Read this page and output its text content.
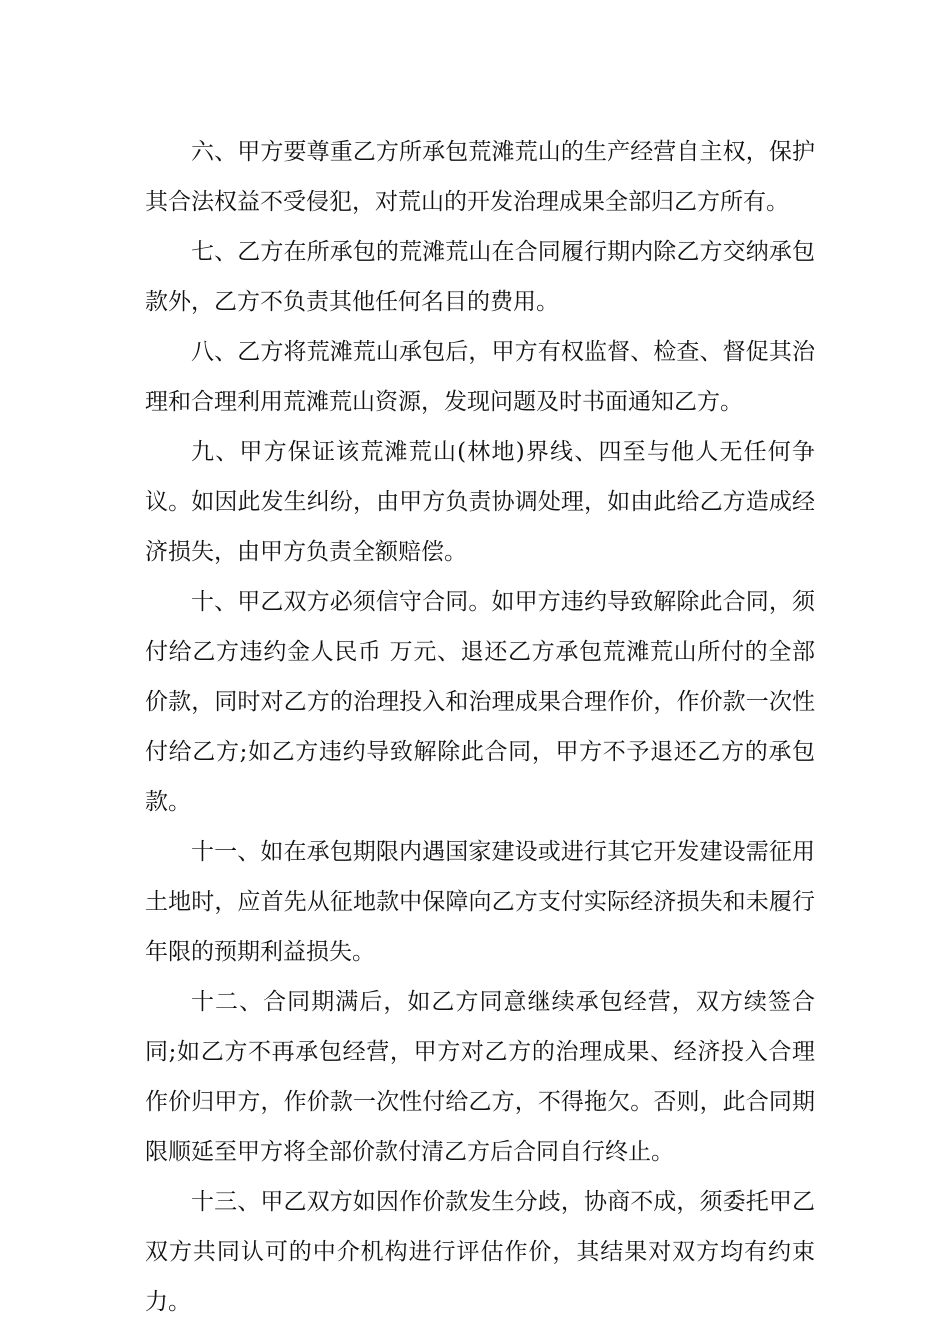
六、甲方要尊重乙方所承包荒滩荒山的生产经营自主权，保护其合法权益不受侵犯，对荒山的开发治理成果全部归乙方所有。

七、乙方在所承包的荒滩荒山在合同履行期内除乙方交纳承包款外，乙方不负责其他任何名目的费用。

八、乙方将荒滩荒山承包后，甲方有权监督、检查、督促其治理和合理利用荒滩荒山资源，发现问题及时书面通知乙方。

九、甲方保证该荒滩荒山(林地)界线、四至与他人无任何争议。如因此发生纠纷，由甲方负责协调处理，如由此给乙方造成经济损失，由甲方负责全额赔偿。

十、甲乙双方必须信守合同。如甲方违约导致解除此合同，须付给乙方违约金人民币 万元、退还乙方承包荒滩荒山所付的全部价款，同时对乙方的治理投入和治理成果合理作价，作价款一次性付给乙方;如乙方违约导致解除此合同，甲方不予退还乙方的承包款。

十一、如在承包期限内遇国家建设或进行其它开发建设需征用土地时，应首先从征地款中保障向乙方支付实际经济损失和未履行年限的预期利益损失。

十二、合同期满后，如乙方同意继续承包经营，双方续签合同;如乙方不再承包经营，甲方对乙方的治理成果、经济投入合理作价归甲方，作价款一次性付给乙方，不得拖欠。否则，此合同期限顺延至甲方将全部价款付清乙方后合同自行终止。

十三、甲乙双方如因作价款发生分歧，协商不成，须委托甲乙双方共同认可的中介机构进行评估作价，其结果对双方均有约束力。
